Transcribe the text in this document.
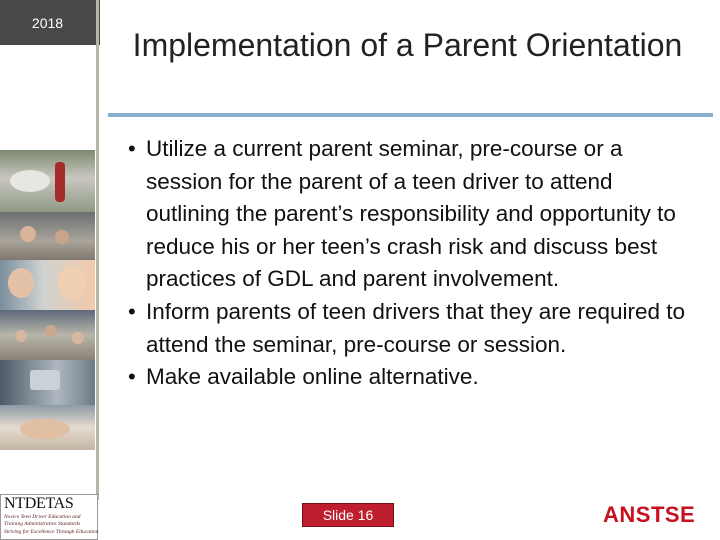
2018
NTDETAS
Novice Teen Driver Education and
Training Administrative Standards
Striving for Excellence Through Education
Implementation of a Parent Orientation
• Utilize a current parent seminar, pre-course or a session for the parent of a teen driver to attend outlining the parent’s responsibility and opportunity to reduce his or her teen’s crash risk and discuss best practices of GDL and parent involvement.
• Inform parents of teen drivers that they are required to attend the seminar, pre-course or session.
• Make available online alternative.
Slide 16	ANSTSE
